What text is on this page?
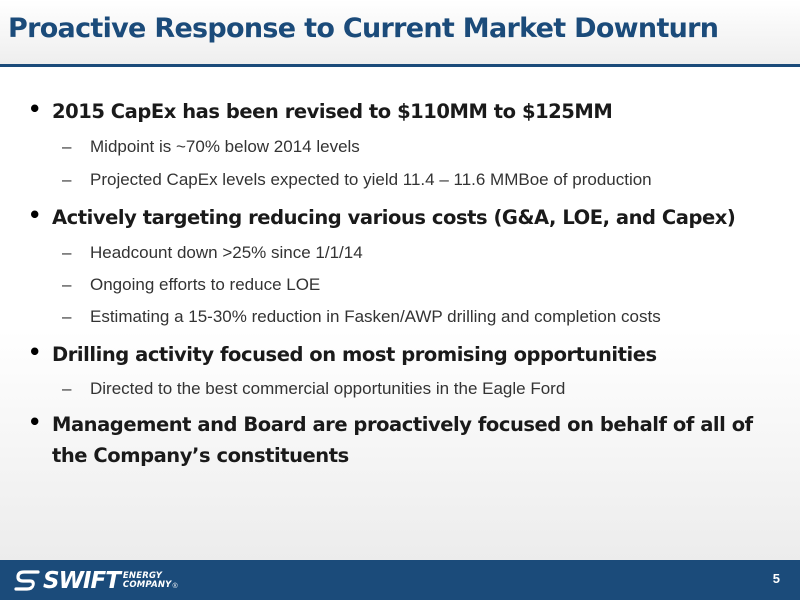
Proactive Response to Current Market Downturn
• 2015 CapEx has been revised to $110MM to $125MM

– Midpoint is ~70% below 2014 levels

– Projected CapEx levels expected to yield 11.4 – 11.6 MMBoe of production

• Actively targeting reducing various costs (G&A, LOE, and Capex)

– Headcount down >25% since 1/1/14

– Ongoing efforts to reduce LOE

– Estimating a 15-30% reduction in Fasken/AWP drilling and completion costs

• Drilling activity focused on most promising opportunities

– Directed to the best commercial opportunities in the Eagle Ford

• Management and Board are proactively focused on behalf of all of the Company’s constituents

SWIFT ENERGY
COMPANY ®
5
